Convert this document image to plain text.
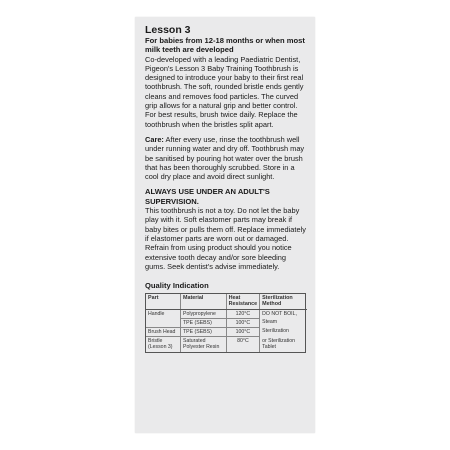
Lesson 3
For babies from 12-18 months or when most milk teeth are developed

Co-developed with a leading Paediatric Dentist, Pigeon's Lesson 3 Baby Training Toothbrush is designed to introduce your baby to their first real toothbrush. The soft, rounded bristle ends gently cleans and removes food particles. The curved grip allows for a natural grip and better control. For best results, brush twice daily. Replace the toothbrush when the bristles split apart.

Care: After every use, rinse the toothbrush well under running water and dry off. Toothbrush may be sanitised by pouring hot water over the brush that has been thoroughly scrubbed. Store in a cool dry place and avoid direct sunlight.

ALWAYS USE UNDER AN ADULT'S SUPERVISION.

This toothbrush is not a toy. Do not let the baby play with it. Soft elastomer parts may break if baby bites or pulls them off. Replace immediately if elastomer parts are worn out or damaged. Refrain from using product should you notice extensive tooth decay and/or sore bleeding gums. Seek dentist's advise immediately.

Quality Indication
Part	Material	Heat Resistance	Sterilization Method
Handle	Polypropylene	120°C	DO NOT BOIL,
	TPE (SEBS)	100°C	Steam
Brush Head	TPE (SEBS)	100°C	Sterilization
Bristle (Lesson 3)	Saturated Polyester Resin	80°C	or Sterilization Tablet
